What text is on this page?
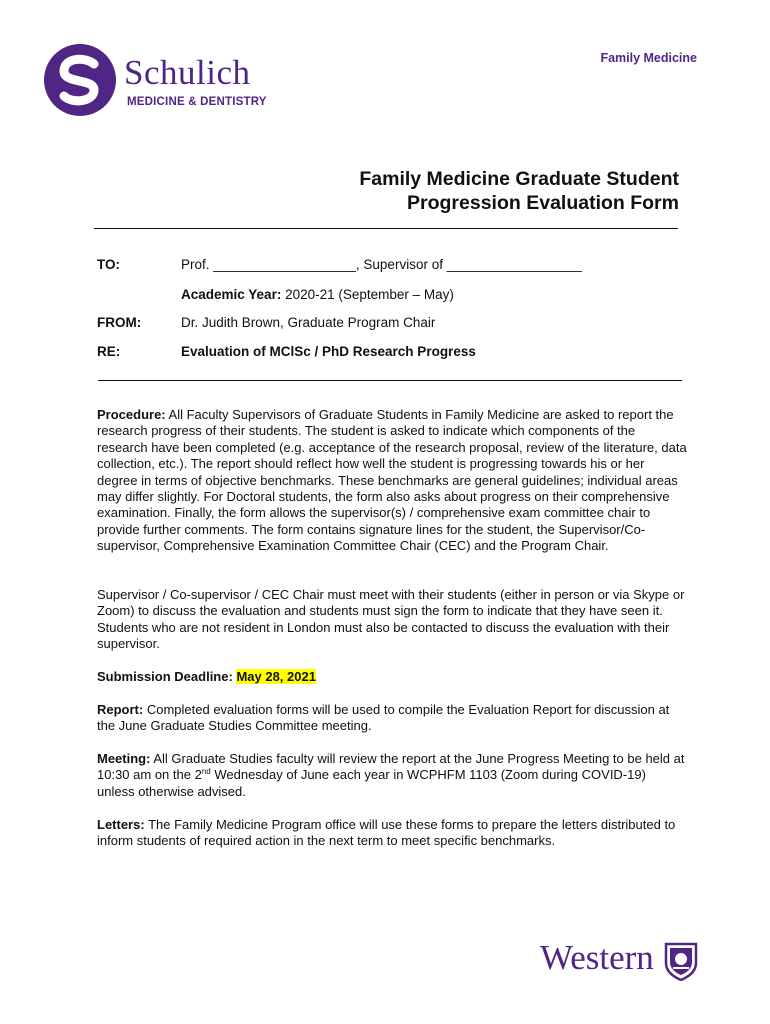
Schulich
MEDICINE & DENTISTRY
Family Medicine
Family Medicine Graduate Student
Progression Evaluation Form
TO:	Prof. ___________________, Supervisor of __________________
Academic Year: 2020-21 (September – May)
FROM:	Dr. Judith Brown, Graduate Program Chair
RE:	Evaluation of MClSc / PhD Research Progress
Procedure: All Faculty Supervisors of Graduate Students in Family Medicine are asked to report the research progress of their students. The student is asked to indicate which components of the research have been completed (e.g. acceptance of the research proposal, review of the literature, data collection, etc.). The report should reflect how well the student is progressing towards his or her degree in terms of objective benchmarks. These benchmarks are general guidelines; individual areas may differ slightly. For Doctoral students, the form also asks about progress on their comprehensive examination. Finally, the form allows the supervisor(s) / comprehensive exam committee chair to provide further comments. The form contains signature lines for the student, the Supervisor/Co-supervisor, Comprehensive Examination Committee Chair (CEC) and the Program Chair.
Supervisor / Co-supervisor / CEC Chair must meet with their students (either in person or via Skype or Zoom) to discuss the evaluation and students must sign the form to indicate that they have seen it. Students who are not resident in London must also be contacted to discuss the evaluation with their supervisor.
Submission Deadline: May 28, 2021
Report: Completed evaluation forms will be used to compile the Evaluation Report for discussion at the June Graduate Studies Committee meeting.
Meeting: All Graduate Studies faculty will review the report at the June Progress Meeting to be held at 10:30 am on the 2nd Wednesday of June each year in WCPHFM 1103 (Zoom during COVID-19) unless otherwise advised.
Letters: The Family Medicine Program office will use these forms to prepare the letters distributed to inform students of required action in the next term to meet specific benchmarks.
Western
